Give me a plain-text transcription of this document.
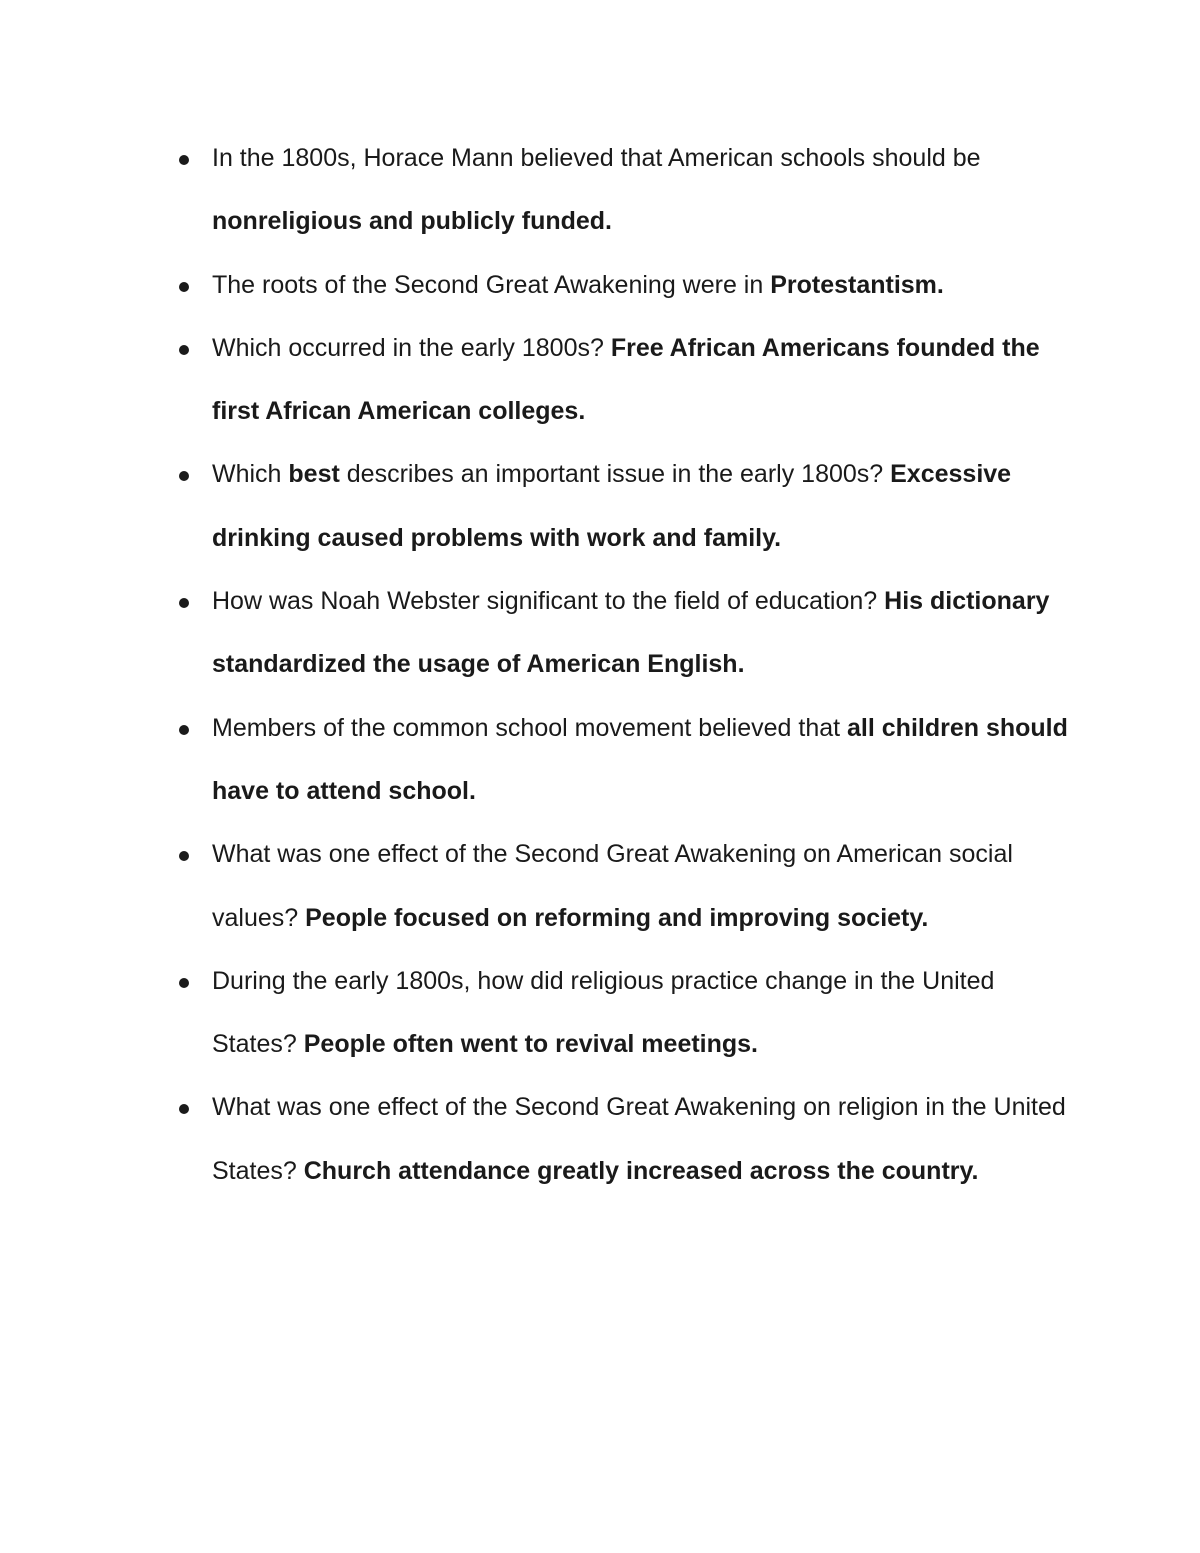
In the 1800s, Horace Mann believed that American schools should be nonreligious and publicly funded.
The roots of the Second Great Awakening were in Protestantism.
Which occurred in the early 1800s? Free African Americans founded the first African American colleges.
Which best describes an important issue in the early 1800s? Excessive drinking caused problems with work and family.
How was Noah Webster significant to the field of education? His dictionary standardized the usage of American English.
Members of the common school movement believed that all children should have to attend school.
What was one effect of the Second Great Awakening on American social values? People focused on reforming and improving society.
During the early 1800s, how did religious practice change in the United States? People often went to revival meetings.
What was one effect of the Second Great Awakening on religion in the United States? Church attendance greatly increased across the country.
